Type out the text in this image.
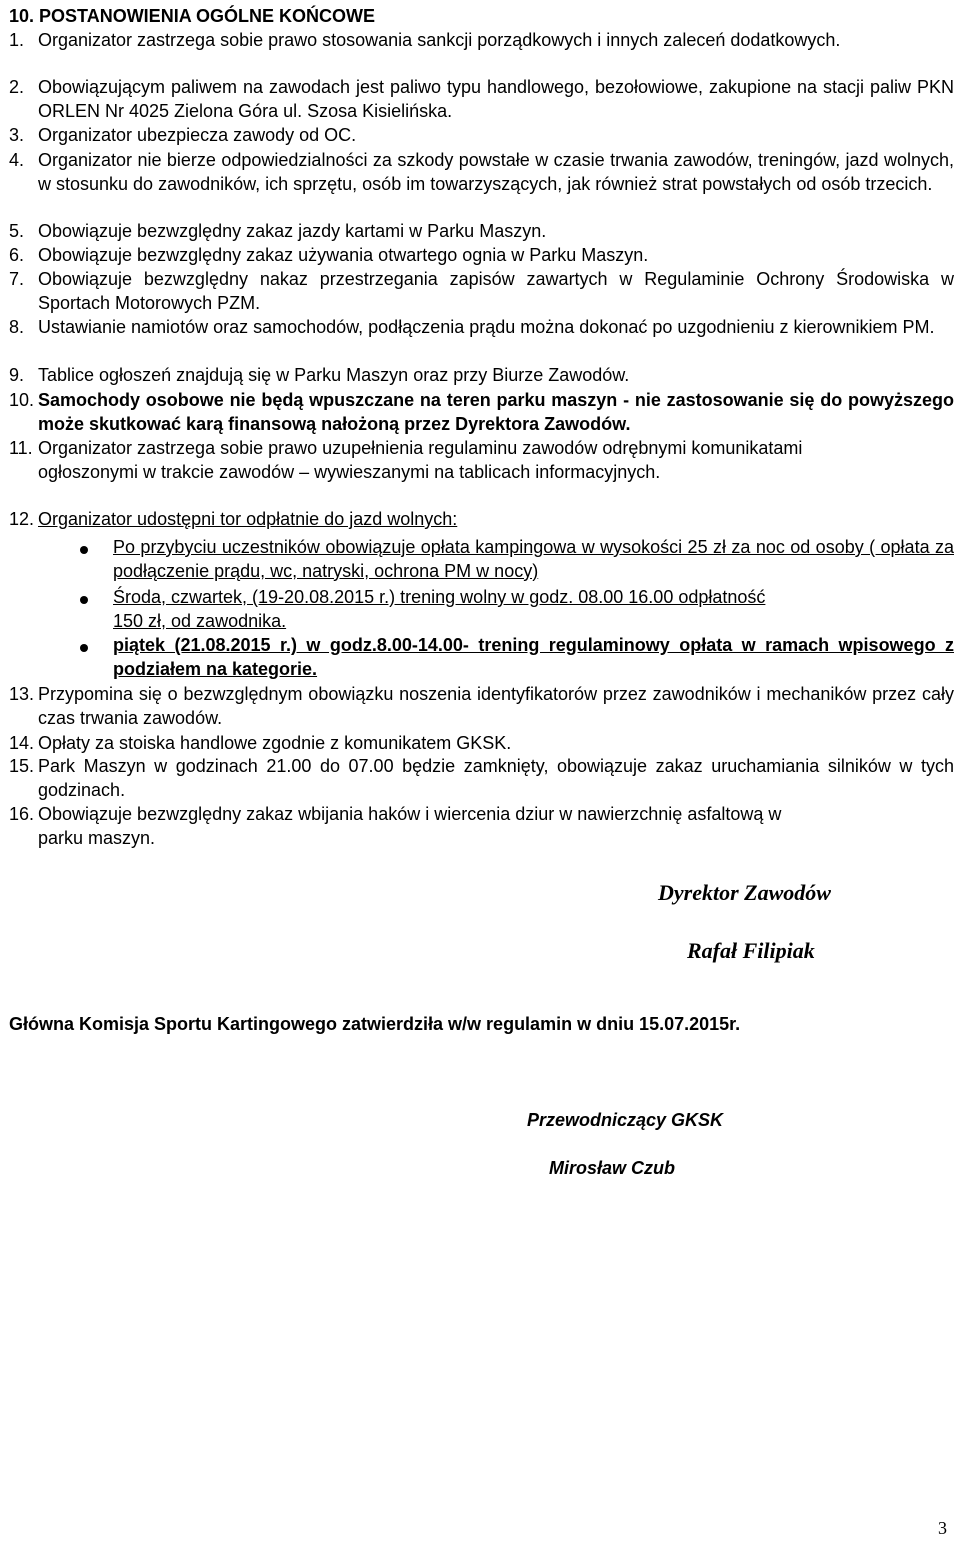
10. POSTANOWIENIA OGÓLNE KOŃCOWE
1. Organizator zastrzega sobie prawo stosowania sankcji porządkowych i innych zaleceń dodatkowych.
2. Obowiązującym paliwem na zawodach jest paliwo typu handlowego, bezołowiowe, zakupione na stacji paliw PKN ORLEN Nr 4025 Zielona Góra ul. Szosa Kisielińska.
3. Organizator ubezpiecza zawody od OC.
4. Organizator nie bierze odpowiedzialności za szkody powstałe w czasie trwania zawodów, treningów, jazd wolnych, w stosunku do zawodników, ich sprzętu, osób im towarzyszących, jak również strat powstałych od osób trzecich.
5. Obowiązuje bezwzględny zakaz jazdy kartami w Parku Maszyn.
6. Obowiązuje bezwzględny zakaz używania otwartego ognia w Parku Maszyn.
7. Obowiązuje bezwzględny nakaz przestrzegania zapisów zawartych w Regulaminie Ochrony Środowiska w Sportach Motorowych PZM.
8. Ustawianie namiotów oraz samochodów, podłączenia prądu można dokonać po uzgodnieniu z kierownikiem PM.
9. Tablice ogłoszeń znajdują się w Parku Maszyn oraz przy Biurze Zawodów.
10. Samochody osobowe nie będą wpuszczane na teren parku maszyn - nie zastosowanie się do powyższego może skutkować karą finansową nałożoną przez Dyrektora Zawodów.
11. Organizator zastrzega sobie prawo uzupełnienia regulaminu zawodów odrębnymi komunikatami ogłoszonymi w trakcie zawodów – wywieszanymi na tablicach informacyjnych.
12. Organizator udostępni tor odpłatnie do jazd wolnych:
Po przybyciu uczestników obowiązuje opłata kampingowa w wysokości 25 zł za noc od osoby ( opłata za podłączenie prądu, wc, natryski, ochrona PM w nocy)
Środa, czwartek, (19-20.08.2015 r.) trening wolny w godz. 08.00 16.00 odpłatność 150 zł, od zawodnika.
piątek (21.08.2015 r.) w godz.8.00-14.00- trening regulaminowy opłata w ramach wpisowego z podziałem na kategorie.
13. Przypomina się o bezwzględnym obowiązku noszenia identyfikatorów przez zawodników i mechaników przez cały czas trwania zawodów.
14. Opłaty za stoiska handlowe zgodnie z komunikatem GKSK.
15. Park Maszyn w godzinach 21.00 do 07.00 będzie zamknięty, obowiązuje zakaz uruchamiania silników w tych godzinach.
16. Obowiązuje bezwzględny zakaz wbijania haków i wiercenia dziur w nawierzchnię asfaltową w parku maszyn.
Dyrektor Zawodów
Rafał Filipiak
Główna Komisja Sportu Kartingowego zatwierdziła w/w regulamin w dniu 15.07.2015r.
Przewodniczący GKSK
Mirosław Czub
3
